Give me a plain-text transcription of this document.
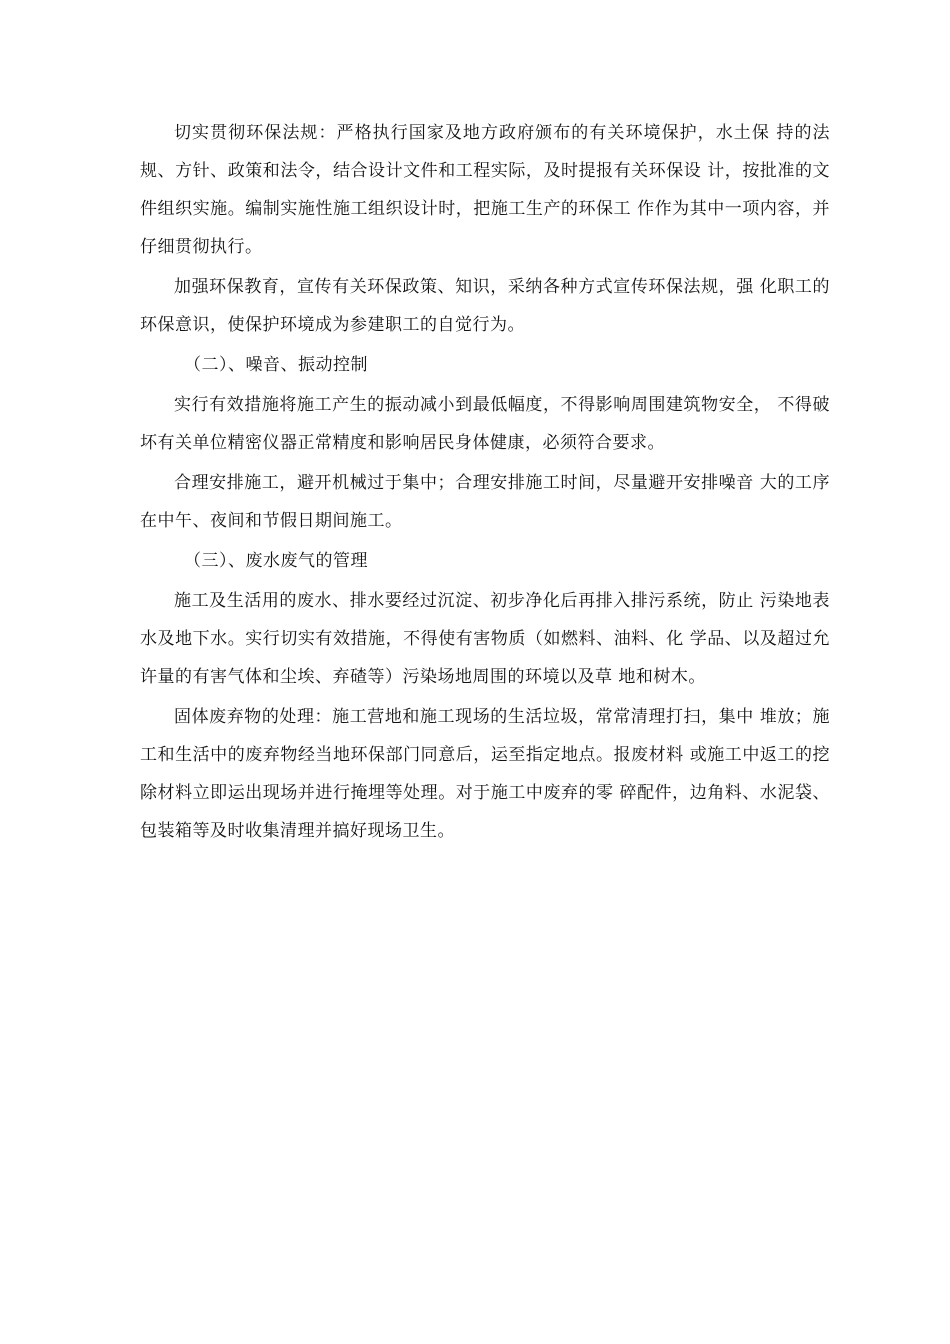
切实贯彻环保法规：严格执行国家及地方政府颁布的有关环境保护，水土保 持的法规、方针、政策和法令，结合设计文件和工程实际，及时提报有关环保设 计，按批准的文件组织实施。编制实施性施工组织设计时，把施工生产的环保工 作作为其中一项内容，并仔细贯彻执行。

加强环保教育，宣传有关环保政策、知识，采纳各种方式宣传环保法规，强 化职工的环保意识，使保护环境成为参建职工的自觉行为。

（二）、噪音、振动控制

实行有效措施将施工产生的振动减小到最低幅度，不得影响周围建筑物安全， 不得破坏有关单位精密仪器正常精度和影响居民身体健康，必须符合要求。

合理安排施工，避开机械过于集中；合理安排施工时间，尽量避开安排噪音 大的工序在中午、夜间和节假日期间施工。

（三）、废水废气的管理

施工及生活用的废水、排水要经过沉淀、初步净化后再排入排污系统，防止 污染地表水及地下水。实行切实有效措施，不得使有害物质（如燃料、油料、化 学品、以及超过允许量的有害气体和尘埃、弃碴等）污染场地周围的环境以及草 地和树木。

固体废弃物的处理：施工营地和施工现场的生活垃圾，常常清理打扫，集中 堆放；施工和生活中的废弃物经当地环保部门同意后，运至指定地点。报废材料 或施工中返工的挖除材料立即运出现场并进行掩埋等处理。对于施工中废弃的零 碎配件，边角料、水泥袋、包装箱等及时收集清理并搞好现场卫生。
